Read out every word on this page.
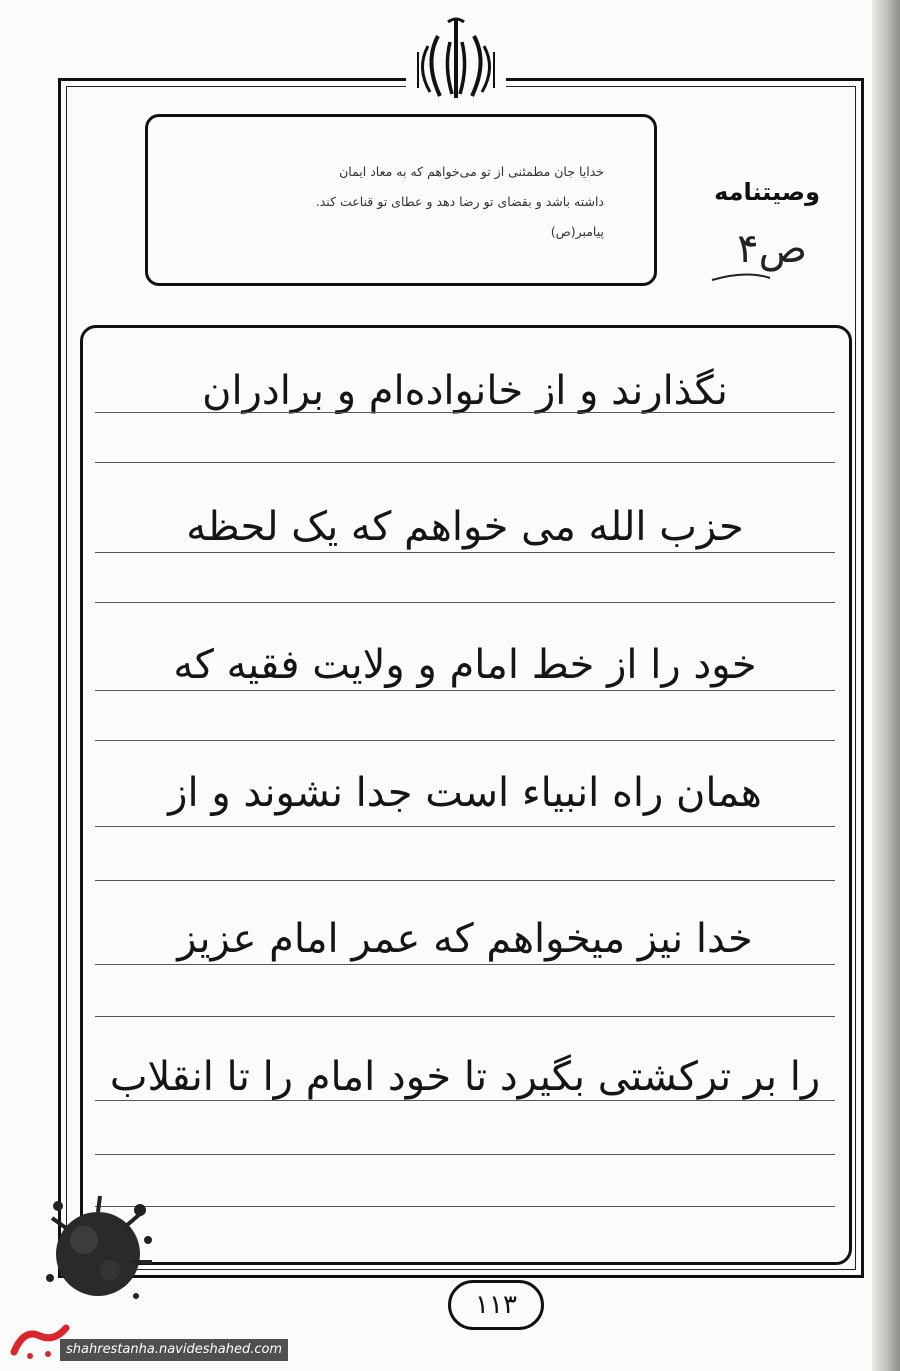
خدایا جان مطمئنی از تو می‌خواهم که به معاد ایمان
داشته باشد و بقضای تو رضا دهد و عطای تو قناعت کند.
پیامبر(ص)
وصیتنامه
ص۴
نگذارند و از خانواده‌ام و برادران
حزب الله می خواهم که یک لحظه
خود را از خط امام و ولایت فقیه که
همان راه انبیاء است جدا نشوند و از
خدا نیز میخواهم که عمر امام عزیز
را بر ترکشتی بگیرد تا خود امام را تا انقلاب
۱۱۳
shahrestanha.navideshahed.com
